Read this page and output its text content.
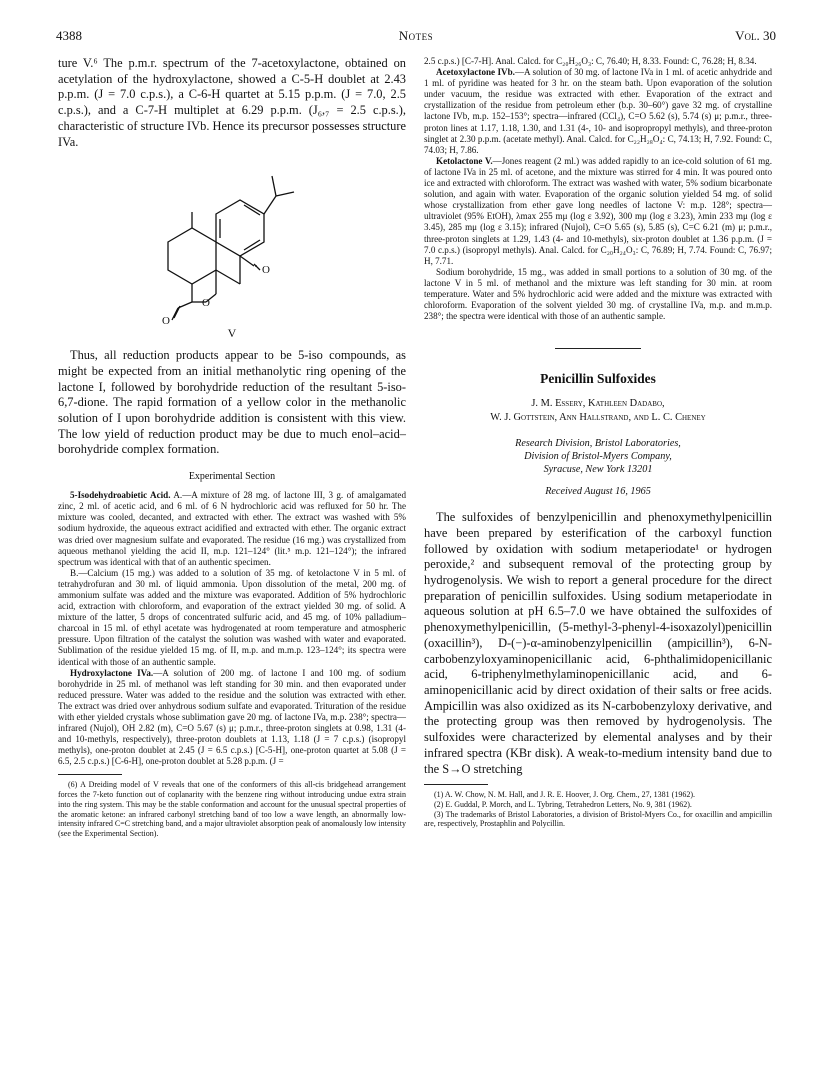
4388	Notes	Vol. 30

ture V.⁶ The p.m.r. spectrum of the 7-acetoxylactone, obtained on acetylation of the hydroxylactone, showed a C-5-H doublet at 2.43 p.p.m. (J = 7.0 c.p.s.), a C-6-H quartet at 5.15 p.p.m. (J = 7.0, 2.5 c.p.s.), and a C-7-H multiplet at 6.29 p.p.m. (J₆,₇ = 2.5 c.p.s.), characteristic of structure IVb. Hence its precursor possesses structure IVa.

O
O
O
V

Thus, all reduction products appear to be 5-iso compounds, as might be expected from an initial methanolytic ring opening of the lactone I, followed by borohydride reduction of the resultant 5-iso-6,7-dione. The rapid formation of a yellow color in the methanolic solution of I upon borohydride addition is consistent with this view. The low yield of reduction product may be due to much enol–acid–borohydride complex formation.

Experimental Section

5-Isodehydroabietic Acid. A.—A mixture of 28 mg. of lactone III, 3 g. of amalgamated zinc, 2 ml. of acetic acid, and 6 ml. of 6 N hydrochloric acid was refluxed for 50 hr. The mixture was cooled, decanted, and extracted with ether. The extract was washed with 5% sodium hydroxide, the aqueous extract acidified and extracted with ether. The organic extract was dried over magnesium sulfate and evaporated. The residue (16 mg.) was crystallized from aqueous methanol yielding the acid II, m.p. 121–124° (lit.⁵ m.p. 121–124°); the infrared spectrum was identical with that of an authentic specimen.

B.—Calcium (15 mg.) was added to a solution of 35 mg. of ketolactone V in 5 ml. of tetrahydrofuran and 30 ml. of liquid ammonia. Upon dissolution of the metal, 200 mg. of ammonium sulfate was added and the mixture was evaporated. Addition of 5% hydrochloric acid, extraction with chloroform, and evaporation of the extract yielded 30 mg. of solid. A mixture of the latter, 5 drops of concentrated sulfuric acid, and 45 mg. of 10% palladium–charcoal in 15 ml. of ethyl acetate was hydrogenated at room temperature and atmospheric pressure. Upon filtration of the catalyst the solution was washed with water and evaporated. Sublimation of the residue yielded 15 mg. of II, m.p. and m.m.p. 123–124°; its spectra were identical with those of an authentic sample.

Hydroxylactone IVa.—A solution of 200 mg. of lactone I and 100 mg. of sodium borohydride in 25 ml. of methanol was left standing for 30 min. and then evaporated under reduced pressure. Water was added to the residue and the solution was extracted with ether. The extract was dried over anhydrous sodium sulfate and evaporated. Trituration of the residue with ether yielded crystals whose sublimation gave 20 mg. of lactone IVa, m.p. 238°; spectra—infrared (Nujol), OH 2.82 (m), C=O 5.67 (s) μ; p.m.r., three-proton singlets at 0.98, 1.31 (4- and 10-methyls, respectively), three-proton doublets at 1.13, 1.18 (J = 7 c.p.s.) (isopropyl methyls), one-proton doublet at 2.45 (J = 6.5 c.p.s.) [C-5-H], one-proton quartet at 5.08 (J = 6.5, 2.5 c.p.s.) [C-6-H], one-proton doublet at 5.28 p.p.m. (J =

(6) A Dreiding model of V reveals that one of the conformers of this all-cis bridgehead arrangement forces the 7-keto function out of coplanarity with the benzene ring without introducing undue extra strain into the ring system. This may be the stable conformation and account for the unusual spectral properties of the aromatic ketone: an infrared carbonyl stretching band of too low a wave length, an abnormally low-intensity infrared C=C stretching band, and a major ultraviolet absorption peak of anomalously low intensity (see the Experimental Section).

2.5 c.p.s.) [C-7-H]. Anal. Calcd. for C₂₀H₂₆O₃: C, 76.40; H, 8.33. Found: C, 76.28; H, 8.34.

Acetoxylactone IVb.—A solution of 30 mg. of lactone IVa in 1 ml. of acetic anhydride and 1 ml. of pyridine was heated for 3 hr. on the steam bath. Upon evaporation of the solution under vacuum, the residue was extracted with ether. Evaporation of the extract and crystallization of the residue from petroleum ether (b.p. 30–60°) gave 32 mg. of crystalline lactone IVb, m.p. 152–153°; spectra—infrared (CCl₄), C=O 5.62 (s), 5.74 (s) μ; p.m.r., three-proton lines at 1.17, 1.18, 1.30, and 1.31 (4-, 10- and isopropropyl methyls), and three-proton singlet at 2.30 p.p.m. (acetate methyl). Anal. Calcd. for C₂₂H₂₈O₄: C, 74.13; H, 7.92. Found: C, 74.03; H, 7.86.

Ketolactone V.—Jones reagent (2 ml.) was added rapidly to an ice-cold solution of 61 mg. of lactone IVa in 25 ml. of acetone, and the mixture was stirred for 4 min. It was poured onto ice and extracted with chloroform. The extract was washed with water, 5% sodium bicarbonate solution, and again with water. Evaporation of the organic solution yielded 54 mg. of solid whose crystallization from ether gave long needles of lactone V: m.p. 128°; spectra—ultraviolet (95% EtOH), λmax 255 mμ (log ε 3.92), 300 mμ (log ε 3.23), λmin 233 mμ (log ε 3.45), 285 mμ (log ε 3.15); infrared (Nujol), C=O 5.65 (s), 5.85 (s), C=C 6.21 (m) μ; p.m.r., three-proton singlets at 1.29, 1.43 (4- and 10-methyls), six-proton doublet at 1.36 p.p.m. (J = 7.0 c.p.s.) (isopropyl methyls). Anal. Calcd. for C₂₀H₂₄O₃: C, 76.89; H, 7.74. Found: C, 76.97; H, 7.71.

Sodium borohydride, 15 mg., was added in small portions to a solution of 30 mg. of the lactone V in 5 ml. of methanol and the mixture was left standing for 30 min. at room temperature. Water and 5% hydrochloric acid were added and the mixture was extracted with chloroform. Evaporation of the solvent yielded 30 mg. of crystalline IVa, m.p. and m.m.p. 238°; the spectra were identical with those of an authentic sample.

Penicillin Sulfoxides
J. M. Essery, Kathleen Dadabo,
W. J. Gottstein, Ann Hallstrand, and L. C. Cheney
Research Division, Bristol Laboratories,
Division of Bristol-Myers Company,
Syracuse, New York 13201
Received August 16, 1965

The sulfoxides of benzylpenicillin and phenoxymethylpenicillin have been prepared by esterification of the carboxyl function followed by oxidation with sodium metaperiodate¹ or hydrogen peroxide,² and subsequent removal of the protecting group by hydrogenolysis. We wish to report a general procedure for the direct preparation of penicillin sulfoxides. Using sodium metaperiodate in aqueous solution at pH 6.5–7.0 we have obtained the sulfoxides of phenoxymethylpenicillin, (5-methyl-3-phenyl-4-isoxazolyl)penicillin (oxacillin³), D-(−)-α-aminobenzylpenicillin (ampicillin³), 6-N-carbobenzyloxyaminopenicillanic acid, 6-phthalimidopenicillanic acid, 6-triphenylmethylaminopenicillanic acid, and 6-aminopenicillanic acid by direct oxidation of their salts or free acids. Ampicillin was also oxidized as its N-carbobenzyloxy derivative, and the protecting group was then removed by hydrogenolysis. The sulfoxides were characterized by elemental analyses and by their infrared spectra (KBr disk). A weak-to-medium intensity band due to the S→O stretching

(1) A. W. Chow, N. M. Hall, and J. R. E. Hoover, J. Org. Chem., 27, 1381 (1962).

(2) E. Guddal, P. Morch, and L. Tybring, Tetrahedron Letters, No. 9, 381 (1962).

(3) The trademarks of Bristol Laboratories, a division of Bristol-Myers Co., for oxacillin and ampicillin are, respectively, Prostaphlin and Polycillin.
